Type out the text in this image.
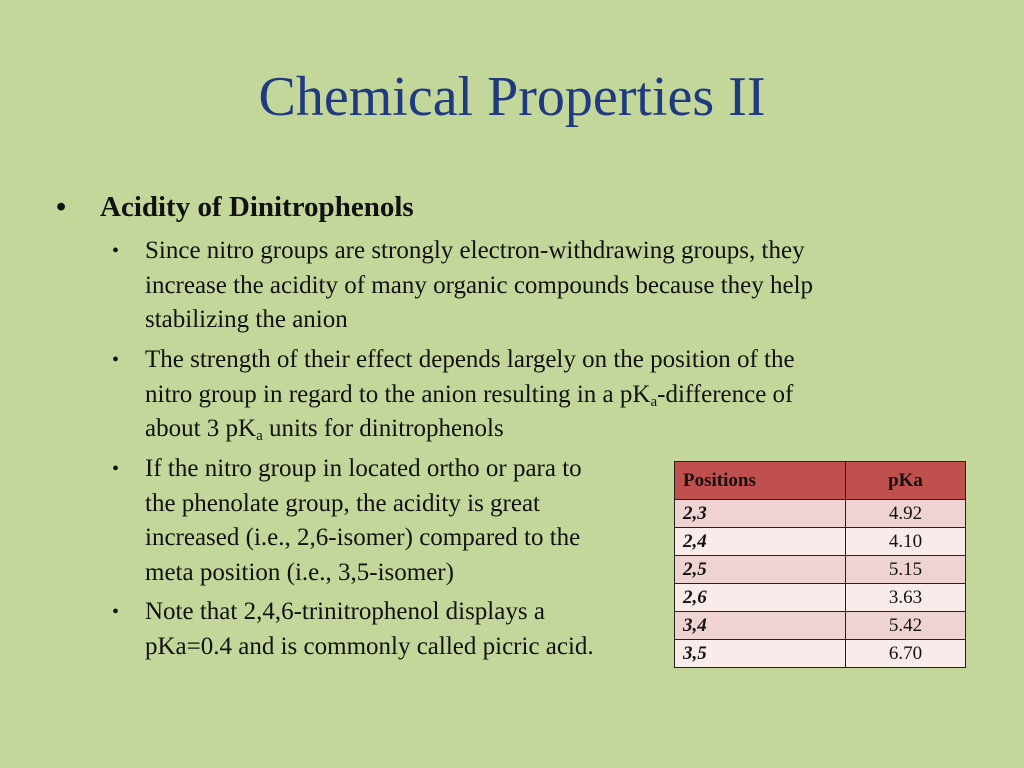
Chemical Properties II
• Acidity of Dinitrophenols
• Since nitro groups are strongly electron-withdrawing groups, they
increase the acidity of many organic compounds because they help
stabilizing the anion
• The strength of their effect depends largely on the position of the
nitro group in regard to the anion resulting in a $pK_a$-difference of
about 3 $pK_a$ units for dinitrophenols
• If the nitro group in located ortho or para to
the phenolate group, the acidity is great
increased (i.e., 2,6-isomer) compared to the
meta position (i.e., 3,5-isomer)
• Note that 2,4,6-trinitrophenol displays a
pKa=0.4 and is commonly called picric acid.
Positions	pKa
2,3	4.92
2,4	4.10
2,5	5.15
2,6	3.63
3,4	5.42
3,5	6.70
